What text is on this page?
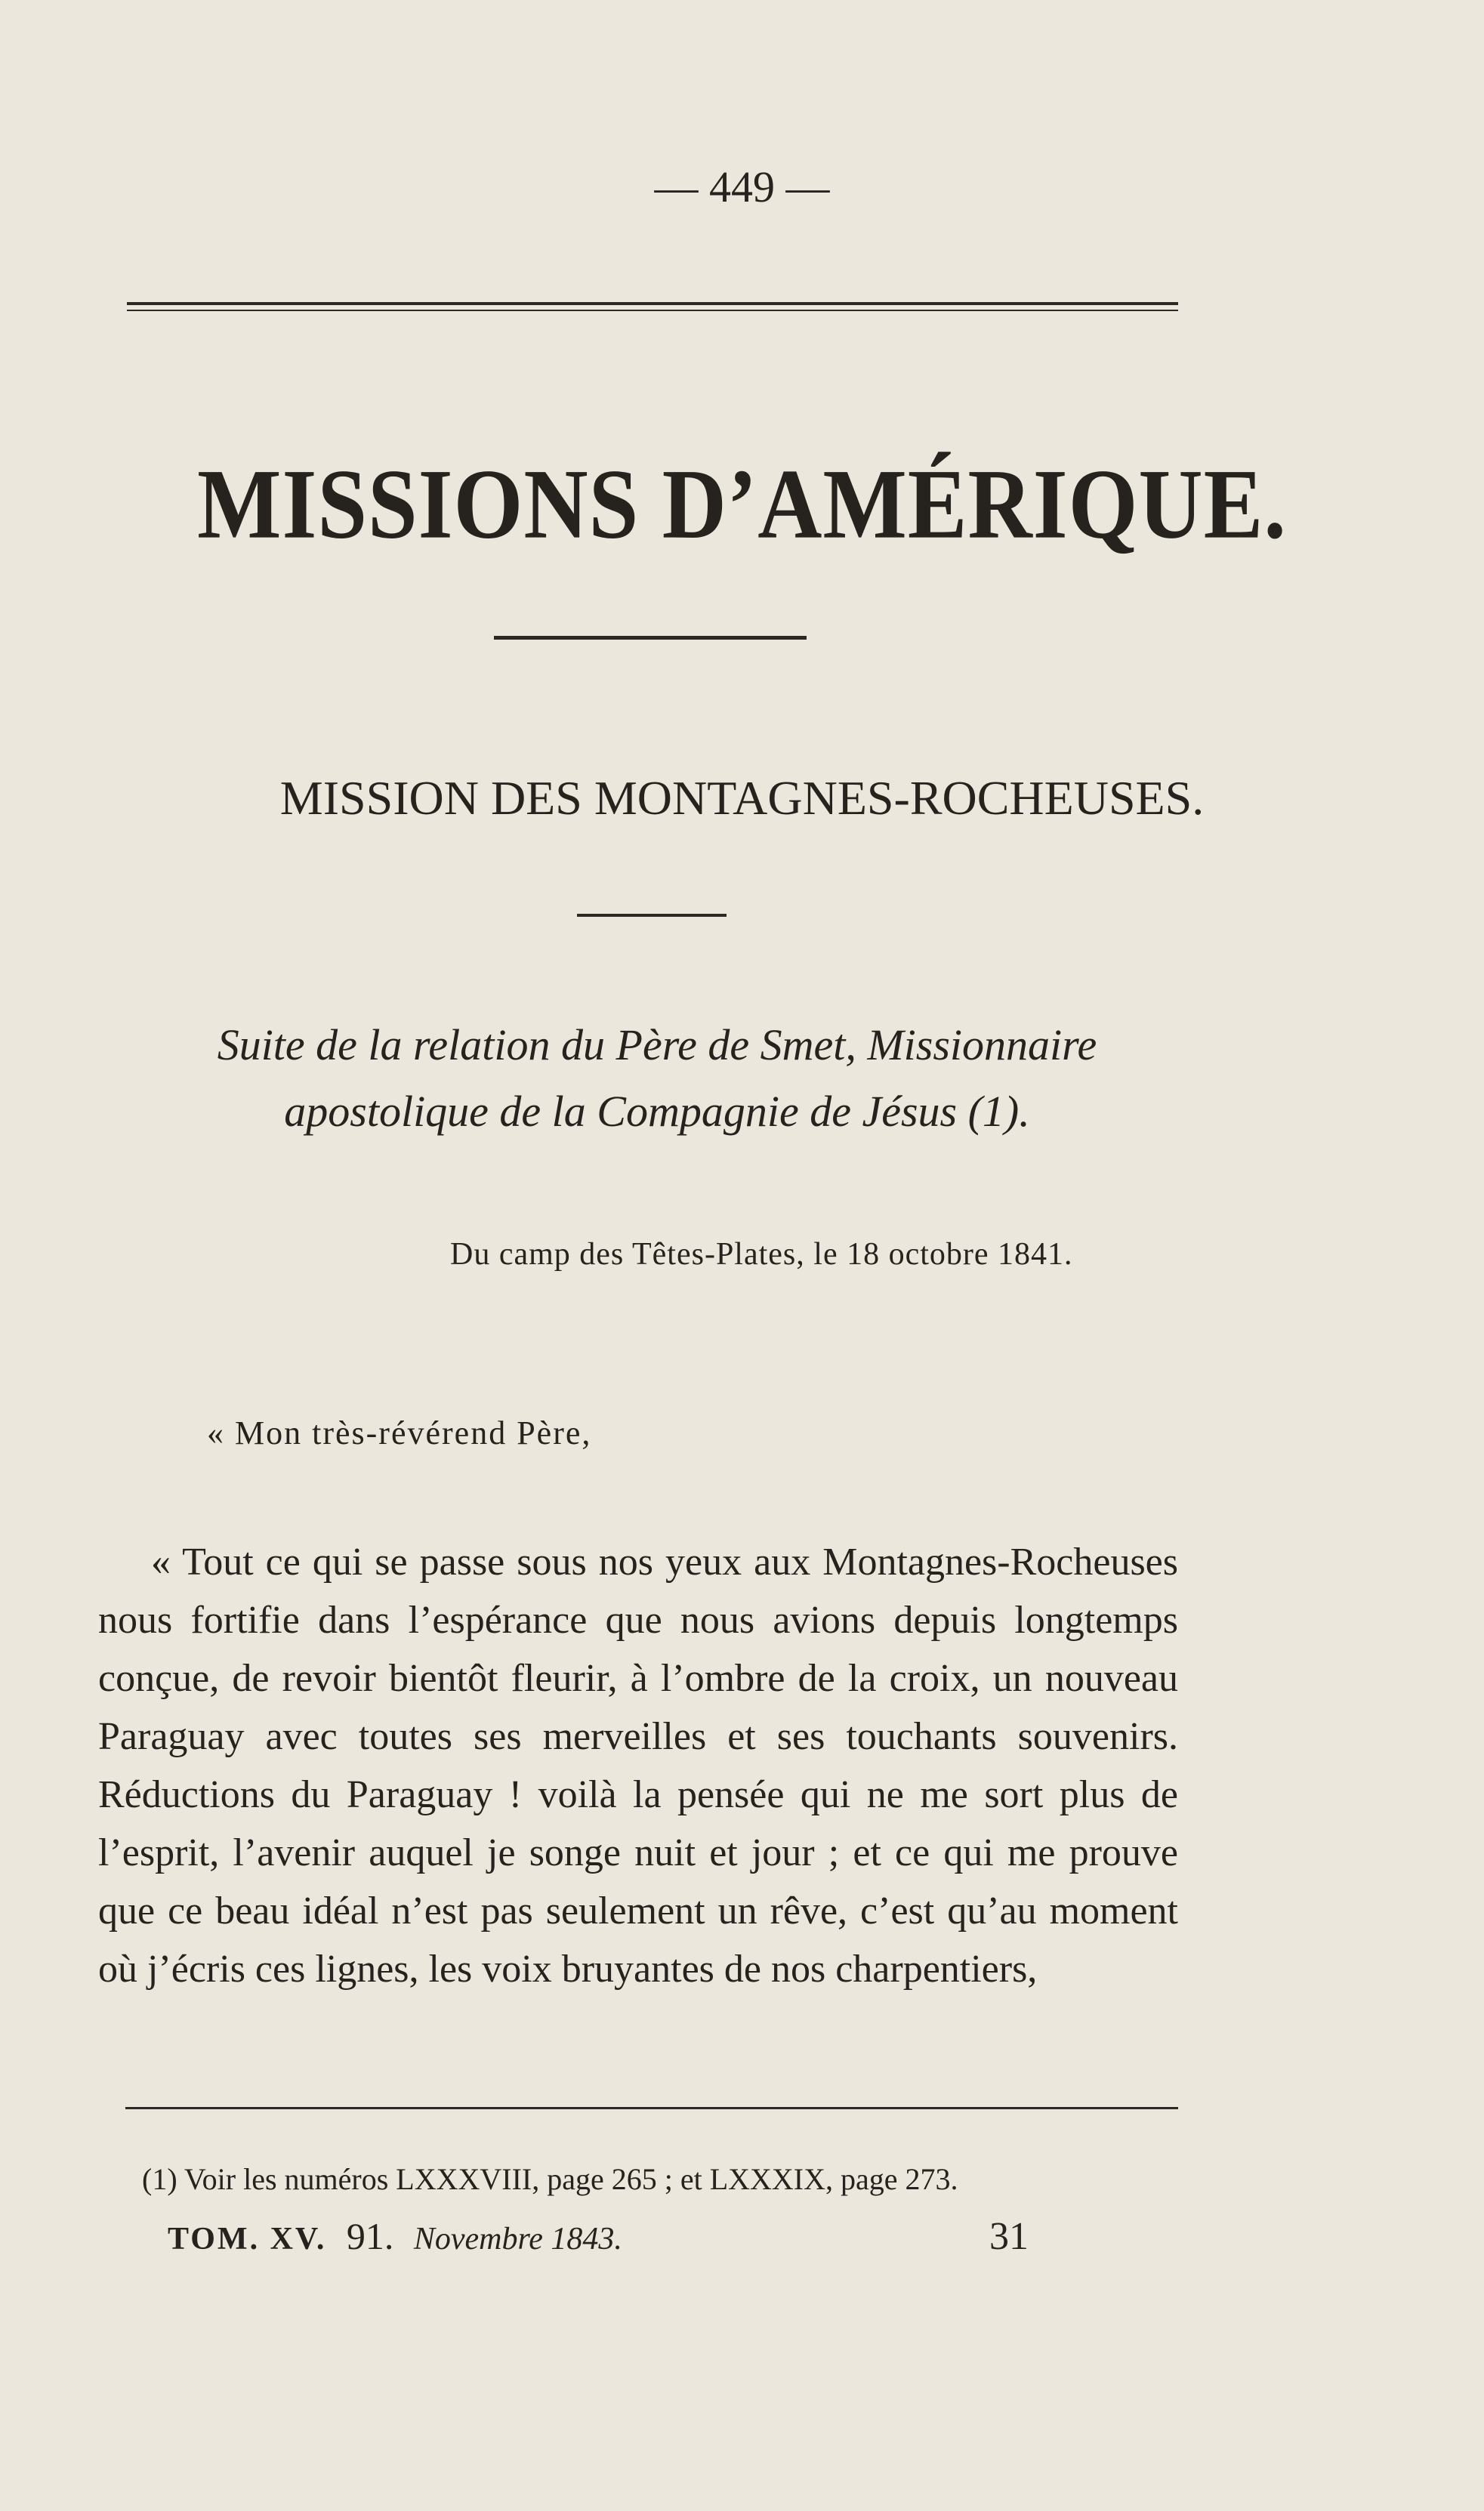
— 449 —
MISSIONS D’AMÉRIQUE.
MISSION DES MONTAGNES-ROCHEUSES.
Suite de la relation du Père de Smet, Missionnaire
apostolique de la Compagnie de Jésus (1).
Du camp des Têtes-Plates, le 18 octobre 1841.
« Mon très-révérend Père,

« Tout ce qui se passe sous nos yeux aux Montagnes-Rocheuses nous fortifie dans l’espérance que nous avions depuis longtemps conçue, de revoir bientôt fleurir, à l’ombre de la croix, un nouveau Paraguay avec toutes ses merveilles et ses touchants souvenirs. Réductions du Paraguay ! voilà la pensée qui ne me sort plus de l’esprit, l’avenir auquel je songe nuit et jour ; et ce qui me prouve que ce beau idéal n’est pas seulement un rêve, c’est qu’au moment où j’écris ces lignes, les voix bruyantes de nos charpentiers,

(1) Voir les numéros LXXXVIII, page 265 ; et LXXXIX, page 273.
TOM. XV. 91. Novembre 1843.	31
